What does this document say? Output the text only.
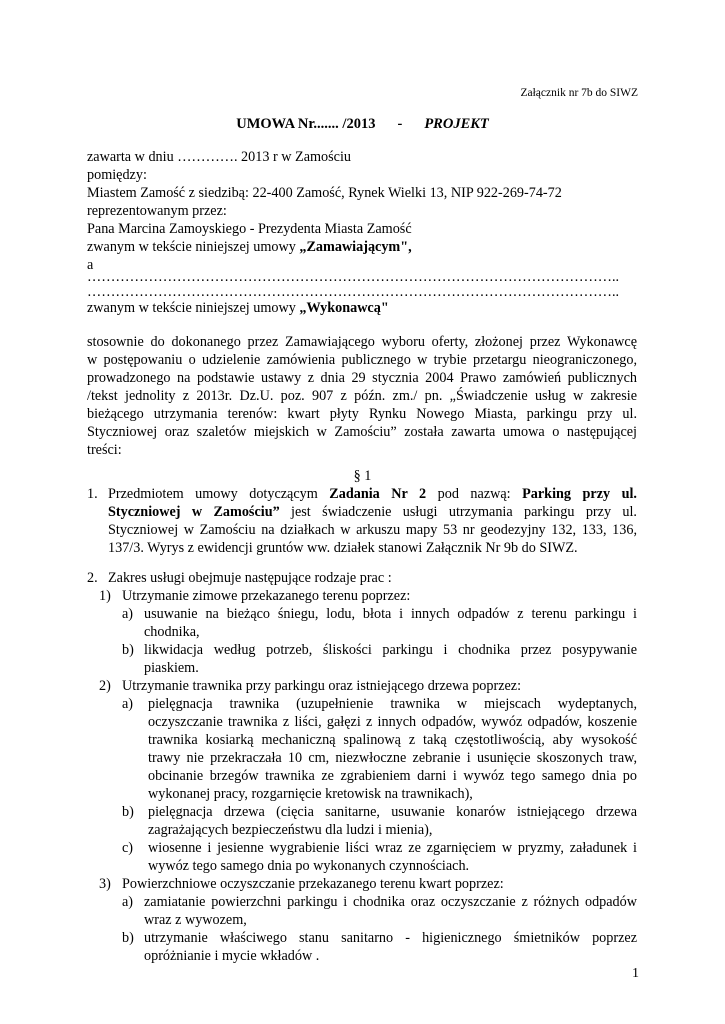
Załącznik nr 7b do SIWZ
UMOWA Nr....... /2013 - PROJEKT
zawarta w dniu …………. 2013 r w Zamościu
pomiędzy:
Miastem Zamość z siedzibą: 22-400 Zamość, Rynek Wielki 13, NIP 922-269-74-72
reprezentowanym przez:
Pana Marcina Zamoyskiego - Prezydenta Miasta Zamość
zwanym w tekście niniejszej umowy „Zamawiającym",
a
…………………………………………………………………………………………………..
…………………………………………………………………………………………………..
zwanym w tekście niniejszej umowy „Wykonawcą"
stosownie do dokonanego przez Zamawiającego wyboru oferty, złożonej przez Wykonawcę
w postępowaniu o udzielenie zamówienia publicznego w trybie przetargu nieograniczonego,
prowadzonego na podstawie ustawy z dnia 29 stycznia 2004 Prawo zamówień publicznych
/tekst jednolity z 2013r. Dz.U. poz. 907 z późn. zm./ pn. „Świadczenie usług w zakresie
bieżącego utrzymania terenów: kwart płyty Rynku Nowego Miasta, parkingu przy ul.
Styczniowej oraz szaletów miejskich w Zamościu” została zawarta umowa o następującej
treści:
§ 1
1. Przedmiotem umowy dotyczącym Zadania Nr 2 pod nazwą: Parking przy ul.
Styczniowej w Zamościu” jest świadczenie usługi utrzymania parkingu przy ul.
Styczniowej w Zamościu na działkach w arkuszu mapy 53 nr geodezyjny 132, 133, 136,
137/3. Wyrys z ewidencji gruntów ww. działek stanowi Załącznik Nr 9b do SIWZ.
2. Zakres usługi obejmuje następujące rodzaje prac :
1) Utrzymanie zimowe przekazanego terenu poprzez:
a) usuwanie na bieżąco śniegu, lodu, błota i innych odpadów z terenu parkingu i
chodnika,
b) likwidacja według potrzeb, śliskości parkingu i chodnika przez posypywanie
piaskiem.
2) Utrzymanie trawnika przy parkingu oraz istniejącego drzewa poprzez:
a) pielęgnacja trawnika (uzupełnienie trawnika w miejscach wydeptanych,
oczyszczanie trawnika z liści, gałęzi z innych odpadów, wywóz odpadów, koszenie
trawnika kosiarką mechaniczną spalinową z taką częstotliwością, aby wysokość
trawy nie przekraczała 10 cm, niezwłoczne zebranie i usunięcie skoszonych traw,
obcinanie brzegów trawnika ze zgrabieniem darni i wywóz tego samego dnia po
wykonanej pracy, rozgarnięcie kretowisk na trawnikach),
b) pielęgnacja drzewa (cięcia sanitarne, usuwanie konarów istniejącego drzewa
zagrażających bezpieczeństwu dla ludzi i mienia),
c) wiosenne i jesienne wygrabienie liści wraz ze zgarnięciem w pryzmy, załadunek i
wywóz tego samego dnia po wykonanych czynnościach.
3) Powierzchniowe oczyszczanie przekazanego terenu kwart poprzez:
a) zamiatanie powierzchni parkingu i chodnika oraz oczyszczanie z różnych odpadów
wraz z wywozem,
b) utrzymanie właściwego stanu sanitarno - higienicznego śmietników poprzez
opróżnianie i mycie wkładów .
1
